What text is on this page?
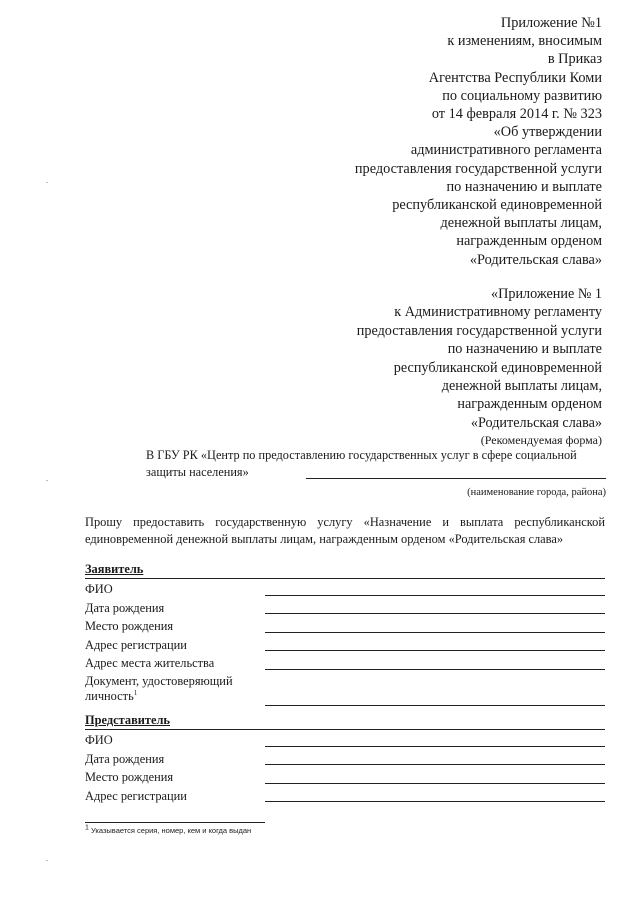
Приложение №1
к изменениям, вносимым
в Приказ
Агентства Республики Коми
по социальному развитию
от 14 февраля 2014 г. № 323
«Об утверждении
административного регламента
предоставления государственной услуги
по назначению и выплате
республиканской единовременной
денежной выплаты лицам,
награжденным орденом
«Родительская слава»
«Приложение № 1
к Административному регламенту
предоставления государственной услуги
по назначению и выплате
республиканской единовременной
денежной выплаты лицам,
награжденным орденом
«Родительская слава»
(Рекомендуемая форма)
В ГБУ РК «Центр по предоставлению государственных услуг в сфере социальной
защиты населения»
(наименование города, района)
Прошу предоставить государственную услугу «Назначение и выплата республиканской единовременной денежной выплаты лицам, награжденным орденом «Родительская слава»
Заявитель
ФИО
Дата рождения
Место рождения
Адрес регистрации
Адрес места жительства
Документ, удостоверяющий
личность$^1$
Представитель
ФИО
Дата рождения
Место рождения
Адрес регистрации
$^1$ Указывается серия, номер, кем и когда выдан
